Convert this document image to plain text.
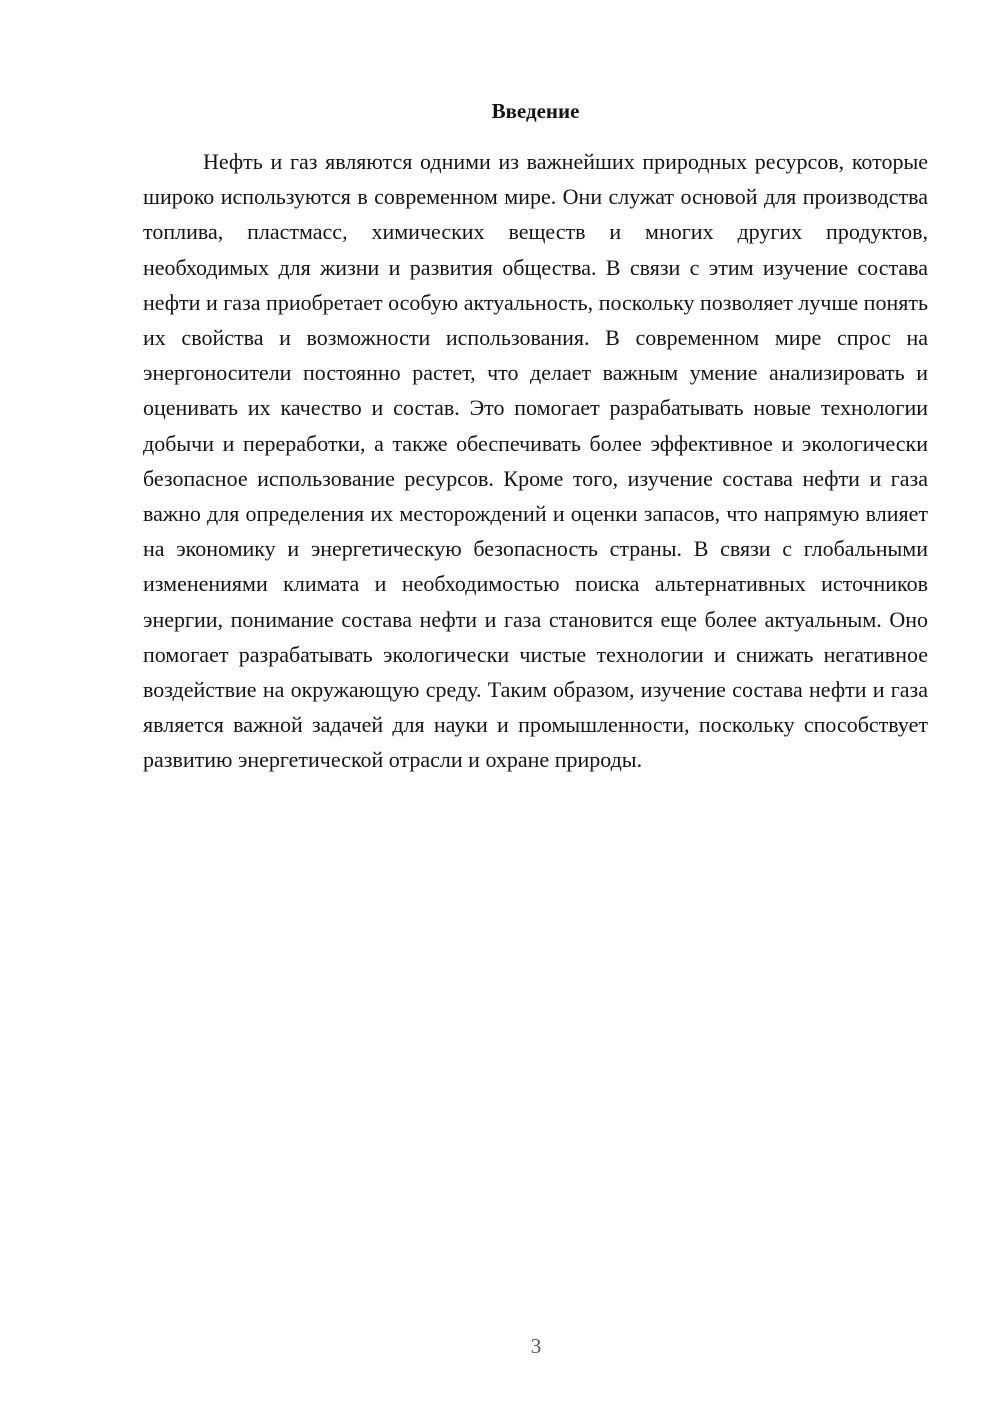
Введение

Нефть и газ являются одними из важнейших природных ресурсов, которые широко используются в современном мире. Они служат основой для производства топлива, пластмасс, химических веществ и многих других продуктов, необходимых для жизни и развития общества. В связи с этим изучение состава нефти и газа приобретает особую актуальность, поскольку позволяет лучше понять их свойства и возможности использования. В современном мире спрос на энергоносители постоянно растет, что делает важным умение анализировать и оценивать их качество и состав. Это помогает разрабатывать новые технологии добычи и переработки, а также обеспечивать более эффективное и экологически безопасное использование ресурсов. Кроме того, изучение состава нефти и газа важно для определения их месторождений и оценки запасов, что напрямую влияет на экономику и энергетическую безопасность страны. В связи с глобальными изменениями климата и необходимостью поиска альтернативных источников энергии, понимание состава нефти и газа становится еще более актуальным. Оно помогает разрабатывать экологически чистые технологии и снижать негативное воздействие на окружающую среду. Таким образом, изучение состава нефти и газа является важной задачей для науки и промышленности, поскольку способствует развитию энергетической отрасли и охране природы.

3
